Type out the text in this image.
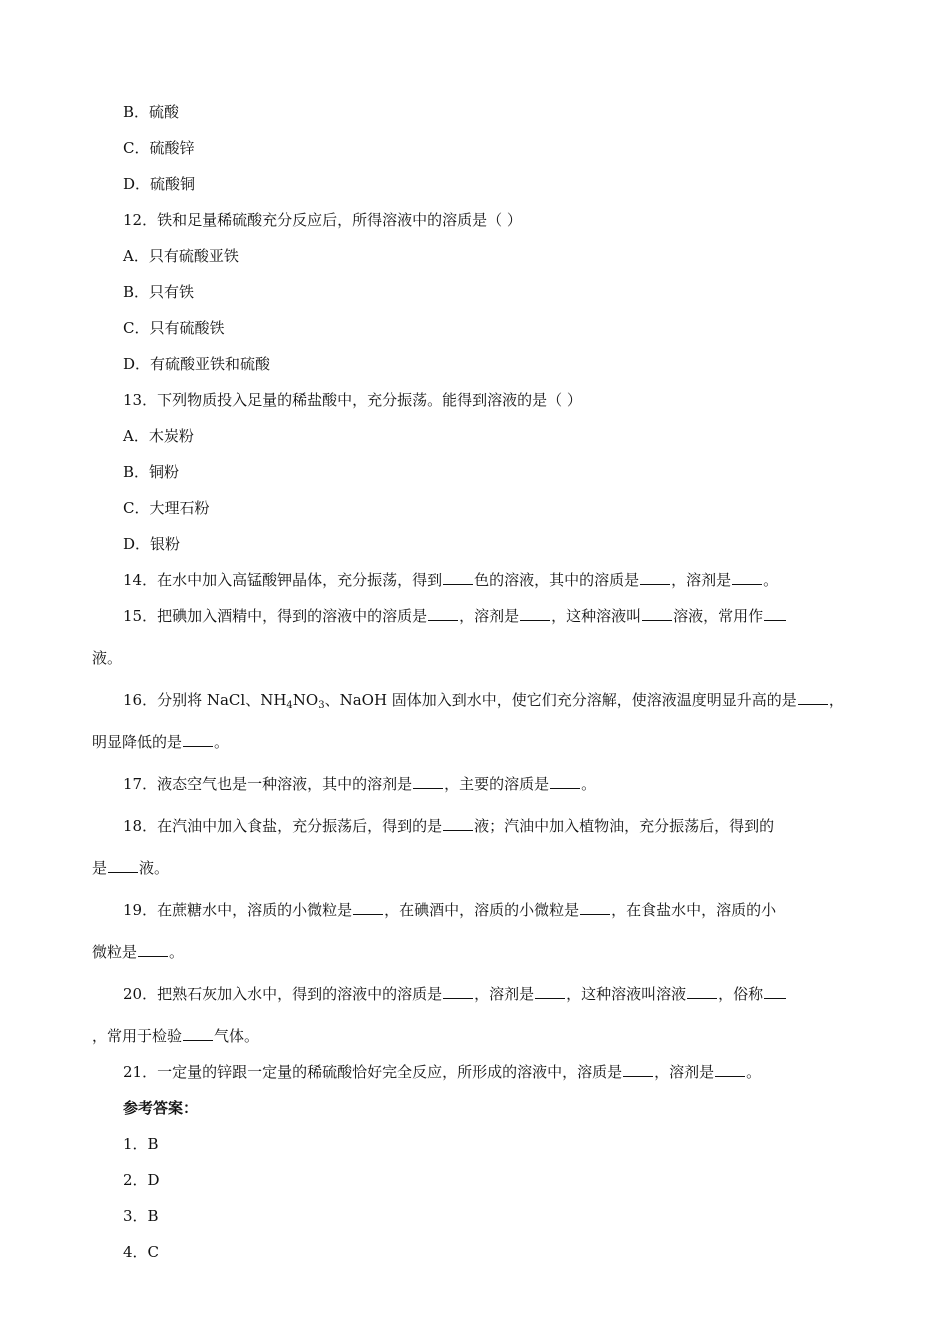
B．硫酸
C．硫酸锌
D．硫酸铜
12．铁和足量稀硫酸充分反应后，所得溶液中的溶质是（ ）
A．只有硫酸亚铁
B．只有铁
C．只有硫酸铁
D．有硫酸亚铁和硫酸
13．下列物质投入足量的稀盐酸中，充分振荡。能得到溶液的是（ ）
A．木炭粉
B．铜粉
C．大理石粉
D．银粉
14．在水中加入高锰酸钾晶体，充分振荡，得到 色的溶液，其中的溶质是 ，溶剂是 。
15．把碘加入酒精中，得到的溶液中的溶质是 ，溶剂是 ，这种溶液叫 溶液，常用作
液。
16．分别将 NaCl、$NH_4NO_3$、NaOH 固体加入到水中，使它们充分溶解，使溶液温度明显升高的是 ，
明显降低的是 。
17．液态空气也是一种溶液，其中的溶剂是 ，主要的溶质是 。
18．在汽油中加入食盐，充分振荡后，得到的是 液；汽油中加入植物油，充分振荡后，得到的
是 液。
19．在蔗糖水中，溶质的小微粒是 ，在碘酒中，溶质的小微粒是 ，在食盐水中，溶质的小
微粒是 。
20．把熟石灰加入水中，得到的溶液中的溶质是 ，溶剂是 ，这种溶液叫溶液 ，俗称
，常用于检验 气体。
21．一定量的锌跟一定量的稀硫酸恰好完全反应，所形成的溶液中，溶质是 ，溶剂是 。
参考答案：
1．B
2．D
3．B
4．C
